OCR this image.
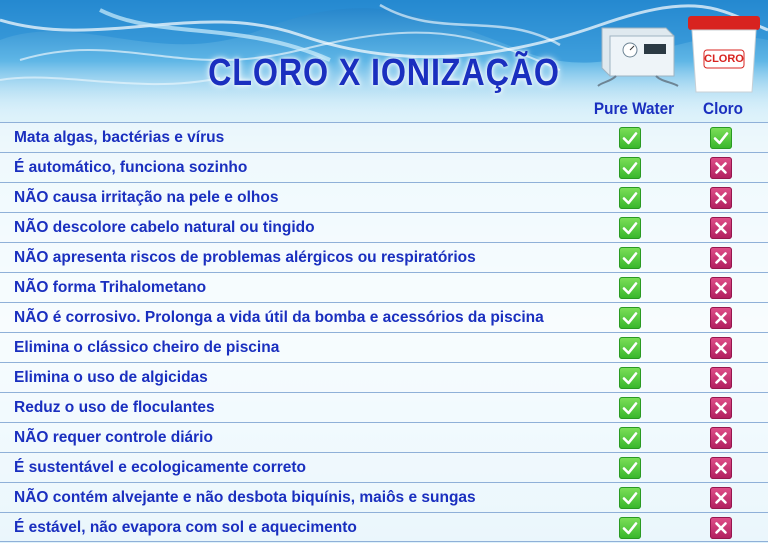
CLORO X IONIZAÇÃO	CLORO
Pure Water	Cloro
Mata algas, bactérias e vírus
É automático, funciona sozinho
NÃO causa irritação na pele e olhos
NÃO descolore cabelo natural ou tingido
NÃO apresenta riscos de problemas alérgicos ou respiratórios
NÃO forma Trihalometano
NÃO é corrosivo. Prolonga a vida útil da bomba e acessórios da piscina
Elimina o clássico cheiro de piscina
Elimina o uso de algicidas
Reduz o uso de floculantes
NÃO requer controle diário
É sustentável e ecologicamente correto
NÃO contém alvejante e não desbota biquínis, maiôs e sungas
É estável, não evapora com sol e aquecimento
